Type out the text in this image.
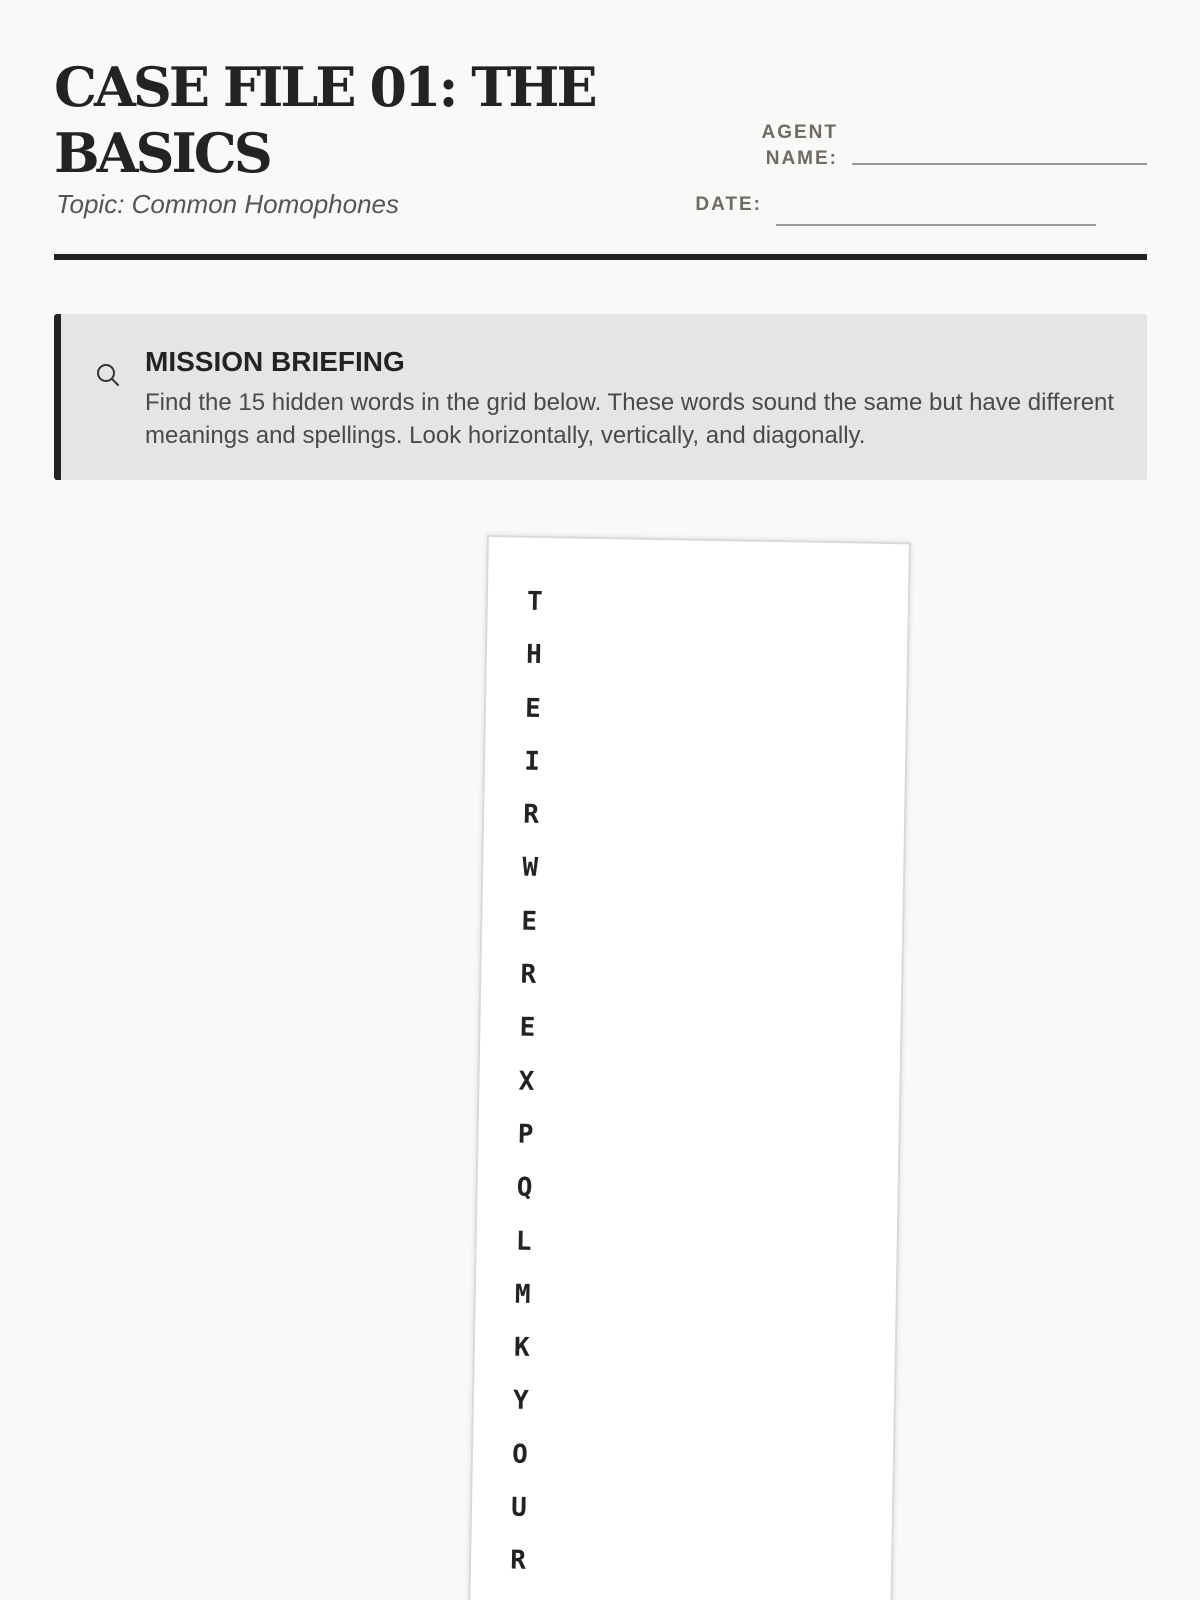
CASE FILE 01: THE BASICS
Topic: Common Homophones
AGENT NAME:
DATE:
MISSION BRIEFING
Find the 15 hidden words in the grid below. These words sound the same but have different meanings and spellings. Look horizontally, vertically, and diagonally.
T
H
E
I
R
W
E
R
E
X
P
Q
L
M
K
Y
O
U
R
